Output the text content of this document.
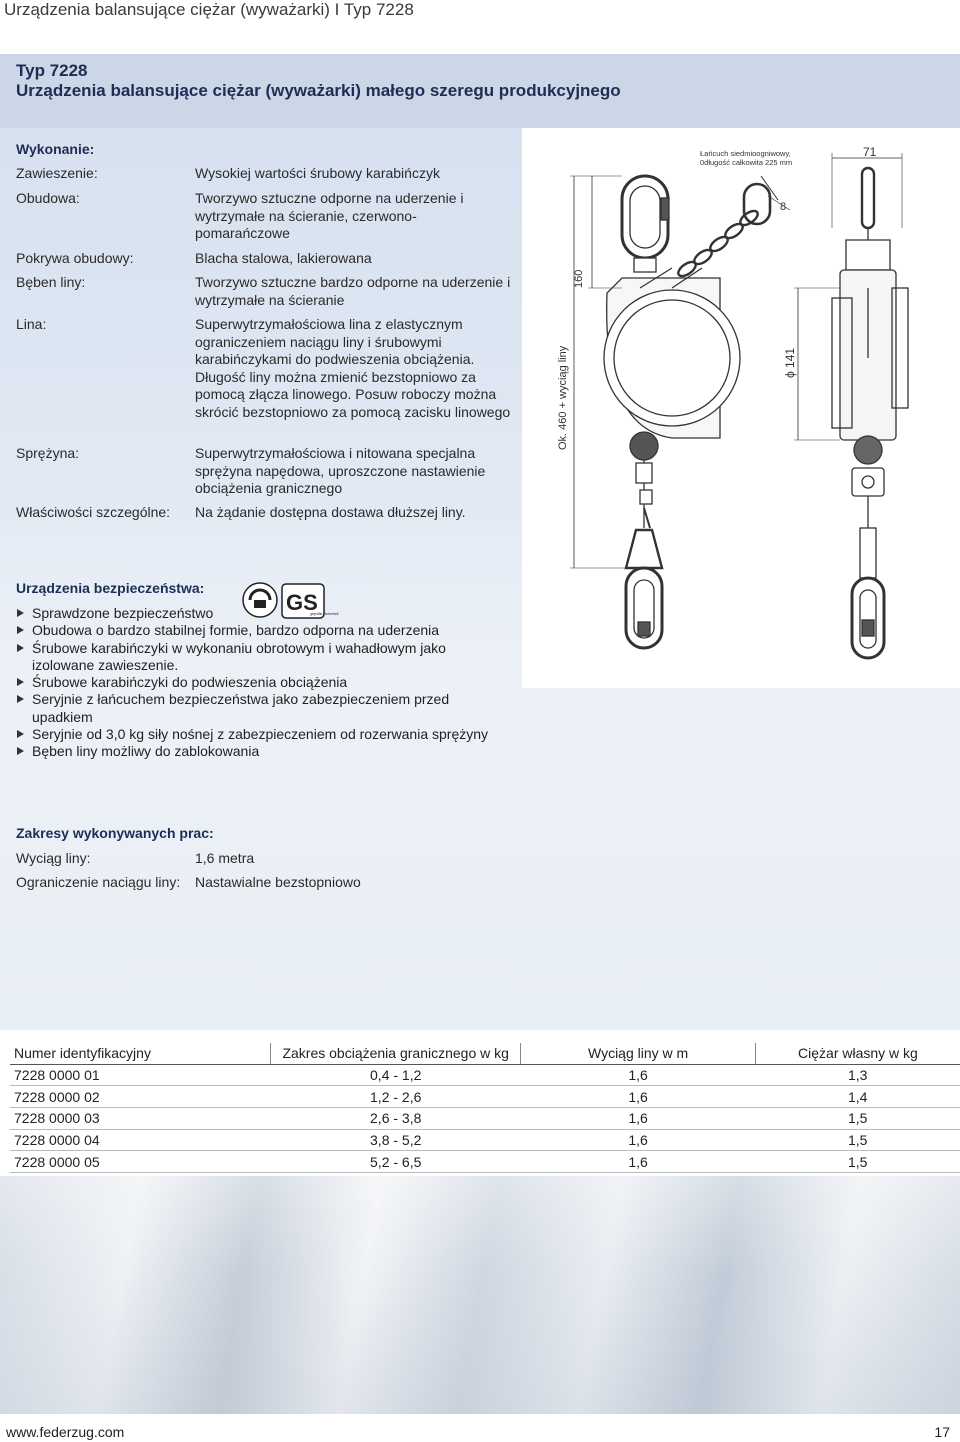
Urządzenia balansujące ciężar (wyważarki) I Typ 7228
Typ 7228
Urządzenia balansujące ciężar (wyważarki) małego szeregu produkcyjnego
Wykonanie:
Zawieszenie:	Wysokiej wartości śrubowy karabińczyk
Obudowa:	Tworzywo sztuczne odporne na uderzenie i wytrzymałe na ścieranie, czerwono-pomarańczowe
Pokrywa obudowy:	Blacha stalowa, lakierowana
Bęben liny:	Tworzywo sztuczne bardzo odporne na uderzenie i wytrzymałe na ścieranie
Lina:	Superwytrzymałościowa lina z elastycznym ograniczeniem naciągu liny i śrubowymi karabińczykami do podwieszenia obciążenia. Długość liny można zmienić bezstopniowo za pomocą złącza linowego. Posuw roboczy można skrócić bezstopniowo za pomocą zacisku linowego
Sprężyna:	Superwytrzymałościowa i nitowana specjalna sprężyna napędowa, uproszczone nastawienie obciążenia granicznego
Właściwości szczególne: Na żądanie dostępna dostawa dłuższej liny.
Łańcuch siedmioogniwowy,
0długość całkowita 225 mm
Ok. 460 + wyciąg liny
160
71
8
ϕ 141
Urządzenia bezpieczeństwa:
GS
geprüfte Sicherheit
Sprawdzone bezpieczeństwo
Obudowa o bardzo stabilnej formie, bardzo odporna na uderzenia
Śrubowe karabińczyki w wykonaniu obrotowym i wahadłowym jako izolowane zawieszenie.
Śrubowe karabińczyki do podwieszenia obciążenia
Seryjnie z łańcuchem bezpieczeństwa jako zabezpieczeniem przed upadkiem
Seryjnie od 3,0 kg siły nośnej z zabezpieczeniem od rozerwania sprężyny
Bęben liny możliwy do zablokowania
Zakresy wykonywanych prac:
Wyciąg liny:	1,6 metra
Ograniczenie naciągu liny: Nastawialne bezstopniowo
Numer identyfikacyjny	Zakres obciążenia granicznego w kg	Wyciąg liny w m	Ciężar własny w kg
7228 0000 01	0,4 - 1,2	1,6	1,3
7228 0000 02	1,2 - 2,6	1,6	1,4
7228 0000 03	2,6 - 3,8	1,6	1,5
7228 0000 04	3,8 - 5,2	1,6	1,5
7228 0000 05	5,2 - 6,5	1,6	1,5
www.federzug.com	17
